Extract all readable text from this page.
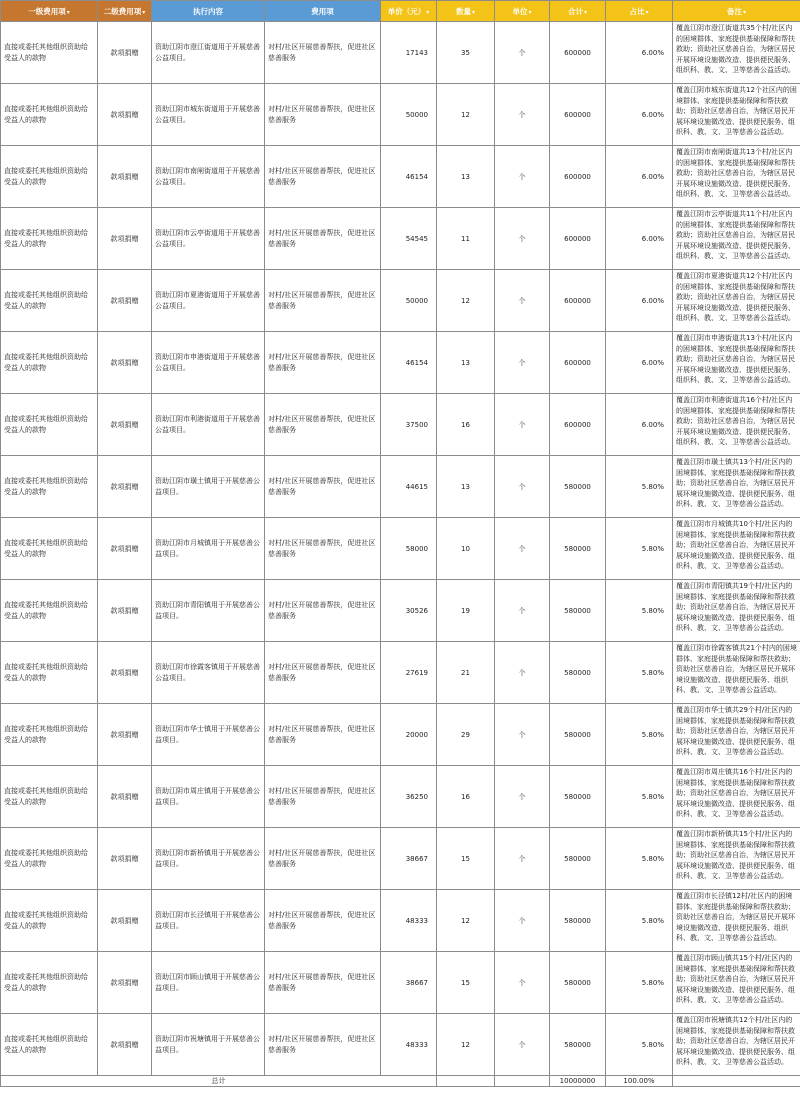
一级费用项▾	二级费用项▾	执行内容	费用项	单价（元）▾	数量▾	单位▾	合计▾	占比▾	备注▾
直接或委托其他组织资助给受益人的款物	款项捐赠	资助江阴市澄江街道用于开展慈善公益项目。	对村/社区开展慈善帮扶，促进社区慈善服务	17143	35	个	600000	6.00%	覆盖江阴市澄江街道共35个村/社区内的困境群体、家庭提供基础保障和帮扶救助；资助社区慈善自治，为辖区居民开展环境设施微改造、提供便民服务、组织科、教、文、卫等慈善公益活动。
直接或委托其他组织资助给受益人的款物	款项捐赠	资助江阴市城东街道用于开展慈善公益项目。	对村/社区开展慈善帮扶，促进社区慈善服务	50000	12	个	600000	6.00%	覆盖江阴市城东街道共12个社区内的困境群体、家庭提供基础保障和帮扶救助；资助社区慈善自治，为辖区居民开展环境设施微改造、提供便民服务、组织科、教、文、卫等慈善公益活动。
直接或委托其他组织资助给受益人的款物	款项捐赠	资助江阴市南闸街道用于开展慈善公益项目。	对村/社区开展慈善帮扶，促进社区慈善服务	46154	13	个	600000	6.00%	覆盖江阴市南闸街道共13个村/社区内的困境群体、家庭提供基础保障和帮扶救助；资助社区慈善自治，为辖区居民开展环境设施微改造、提供便民服务、组织科、教、文、卫等慈善公益活动。
直接或委托其他组织资助给受益人的款物	款项捐赠	资助江阴市云亭街道用于开展慈善公益项目。	对村/社区开展慈善帮扶，促进社区慈善服务	54545	11	个	600000	6.00%	覆盖江阴市云亭街道共11个村/社区内的困境群体、家庭提供基础保障和帮扶救助；资助社区慈善自治，为辖区居民开展环境设施微改造、提供便民服务、组织科、教、文、卫等慈善公益活动。
直接或委托其他组织资助给受益人的款物	款项捐赠	资助江阴市夏港街道用于开展慈善公益项目。	对村/社区开展慈善帮扶，促进社区慈善服务	50000	12	个	600000	6.00%	覆盖江阴市夏港街道共12个村/社区内的困境群体、家庭提供基础保障和帮扶救助；资助社区慈善自治，为辖区居民开展环境设施微改造、提供便民服务、组织科、教、文、卫等慈善公益活动。
直接或委托其他组织资助给受益人的款物	款项捐赠	资助江阴市申港街道用于开展慈善公益项目。	对村/社区开展慈善帮扶，促进社区慈善服务	46154	13	个	600000	6.00%	覆盖江阴市申港街道共13个村/社区内的困境群体、家庭提供基础保障和帮扶救助；资助社区慈善自治，为辖区居民开展环境设施微改造、提供便民服务、组织科、教、文、卫等慈善公益活动。
直接或委托其他组织资助给受益人的款物	款项捐赠	资助江阴市利港街道用于开展慈善公益项目。	对村/社区开展慈善帮扶，促进社区慈善服务	37500	16	个	600000	6.00%	覆盖江阴市利港街道共16个村/社区内的困境群体、家庭提供基础保障和帮扶救助；资助社区慈善自治，为辖区居民开展环境设施微改造、提供便民服务、组织科、教、文、卫等慈善公益活动。
直接或委托其他组织资助给受益人的款物	款项捐赠	资助江阴市璜土镇用于开展慈善公益项目。	对村/社区开展慈善帮扶，促进社区慈善服务	44615	13	个	580000	5.80%	覆盖江阴市璜土镇共13个村/社区内的困境群体、家庭提供基础保障和帮扶救助；资助社区慈善自治，为辖区居民开展环境设施微改造、提供便民服务、组织科、教、文、卫等慈善公益活动。
直接或委托其他组织资助给受益人的款物	款项捐赠	资助江阴市月城镇用于开展慈善公益项目。	对村/社区开展慈善帮扶，促进社区慈善服务	58000	10	个	580000	5.80%	覆盖江阴市月城镇共10个村/社区内的困境群体、家庭提供基础保障和帮扶救助；资助社区慈善自治，为辖区居民开展环境设施微改造、提供便民服务、组织科、教、文、卫等慈善公益活动。
直接或委托其他组织资助给受益人的款物	款项捐赠	资助江阴市青阳镇用于开展慈善公益项目。	对村/社区开展慈善帮扶，促进社区慈善服务	30526	19	个	580000	5.80%	覆盖江阴市青阳镇共19个村/社区内的困境群体、家庭提供基础保障和帮扶救助；资助社区慈善自治，为辖区居民开展环境设施微改造、提供便民服务、组织科、教、文、卫等慈善公益活动。
直接或委托其他组织资助给受益人的款物	款项捐赠	资助江阴市徐霞客镇用于开展慈善公益项目。	对村/社区开展慈善帮扶，促进社区慈善服务	27619	21	个	580000	5.80%	覆盖江阴市徐霞客镇共21个村内的困境群体、家庭提供基础保障和帮扶救助；资助社区慈善自治，为辖区居民开展环境设施微改造、提供便民服务、组织科、教、文、卫等慈善公益活动。
直接或委托其他组织资助给受益人的款物	款项捐赠	资助江阴市华士镇用于开展慈善公益项目。	对村/社区开展慈善帮扶，促进社区慈善服务	20000	29	个	580000	5.80%	覆盖江阴市华士镇共29个村/社区内的困境群体、家庭提供基础保障和帮扶救助；资助社区慈善自治，为辖区居民开展环境设施微改造、提供便民服务、组织科、教、文、卫等慈善公益活动。
直接或委托其他组织资助给受益人的款物	款项捐赠	资助江阴市周庄镇用于开展慈善公益项目。	对村/社区开展慈善帮扶，促进社区慈善服务	36250	16	个	580000	5.80%	覆盖江阴市周庄镇共16个村/社区内的困境群体、家庭提供基础保障和帮扶救助；资助社区慈善自治，为辖区居民开展环境设施微改造、提供便民服务、组织科、教、文、卫等慈善公益活动。
直接或委托其他组织资助给受益人的款物	款项捐赠	资助江阴市新桥镇用于开展慈善公益项目。	对村/社区开展慈善帮扶，促进社区慈善服务	38667	15	个	580000	5.80%	覆盖江阴市新桥镇共15个村/社区内的困境群体、家庭提供基础保障和帮扶救助；资助社区慈善自治，为辖区居民开展环境设施微改造、提供便民服务、组织科、教、文、卫等慈善公益活动。
直接或委托其他组织资助给受益人的款物	款项捐赠	资助江阴市长泾镇用于开展慈善公益项目。	对村/社区开展慈善帮扶，促进社区慈善服务	48333	12	个	580000	5.80%	覆盖江阴市长泾镇12村/社区内的困境群体、家庭提供基础保障和帮扶救助；资助社区慈善自治，为辖区居民开展环境设施微改造、提供便民服务、组织科、教、文、卫等慈善公益活动。
直接或委托其他组织资助给受益人的款物	款项捐赠	资助江阴市顾山镇用于开展慈善公益项目。	对村/社区开展慈善帮扶，促进社区慈善服务	38667	15	个	580000	5.80%	覆盖江阴市顾山镇共15个村/社区内的困境群体、家庭提供基础保障和帮扶救助；资助社区慈善自治，为辖区居民开展环境设施微改造、提供便民服务、组织科、教、文、卫等慈善公益活动。
直接或委托其他组织资助给受益人的款物	款项捐赠	资助江阴市祝塘镇用于开展慈善公益项目。	对村/社区开展慈善帮扶，促进社区慈善服务	48333	12	个	580000	5.80%	覆盖江阴市祝塘镇共12个村/社区内的困境群体、家庭提供基础保障和帮扶救助；资助社区慈善自治，为辖区居民开展环境设施微改造、提供便民服务、组织科、教、文、卫等慈善公益活动。
总计							10000000	100.00%	
